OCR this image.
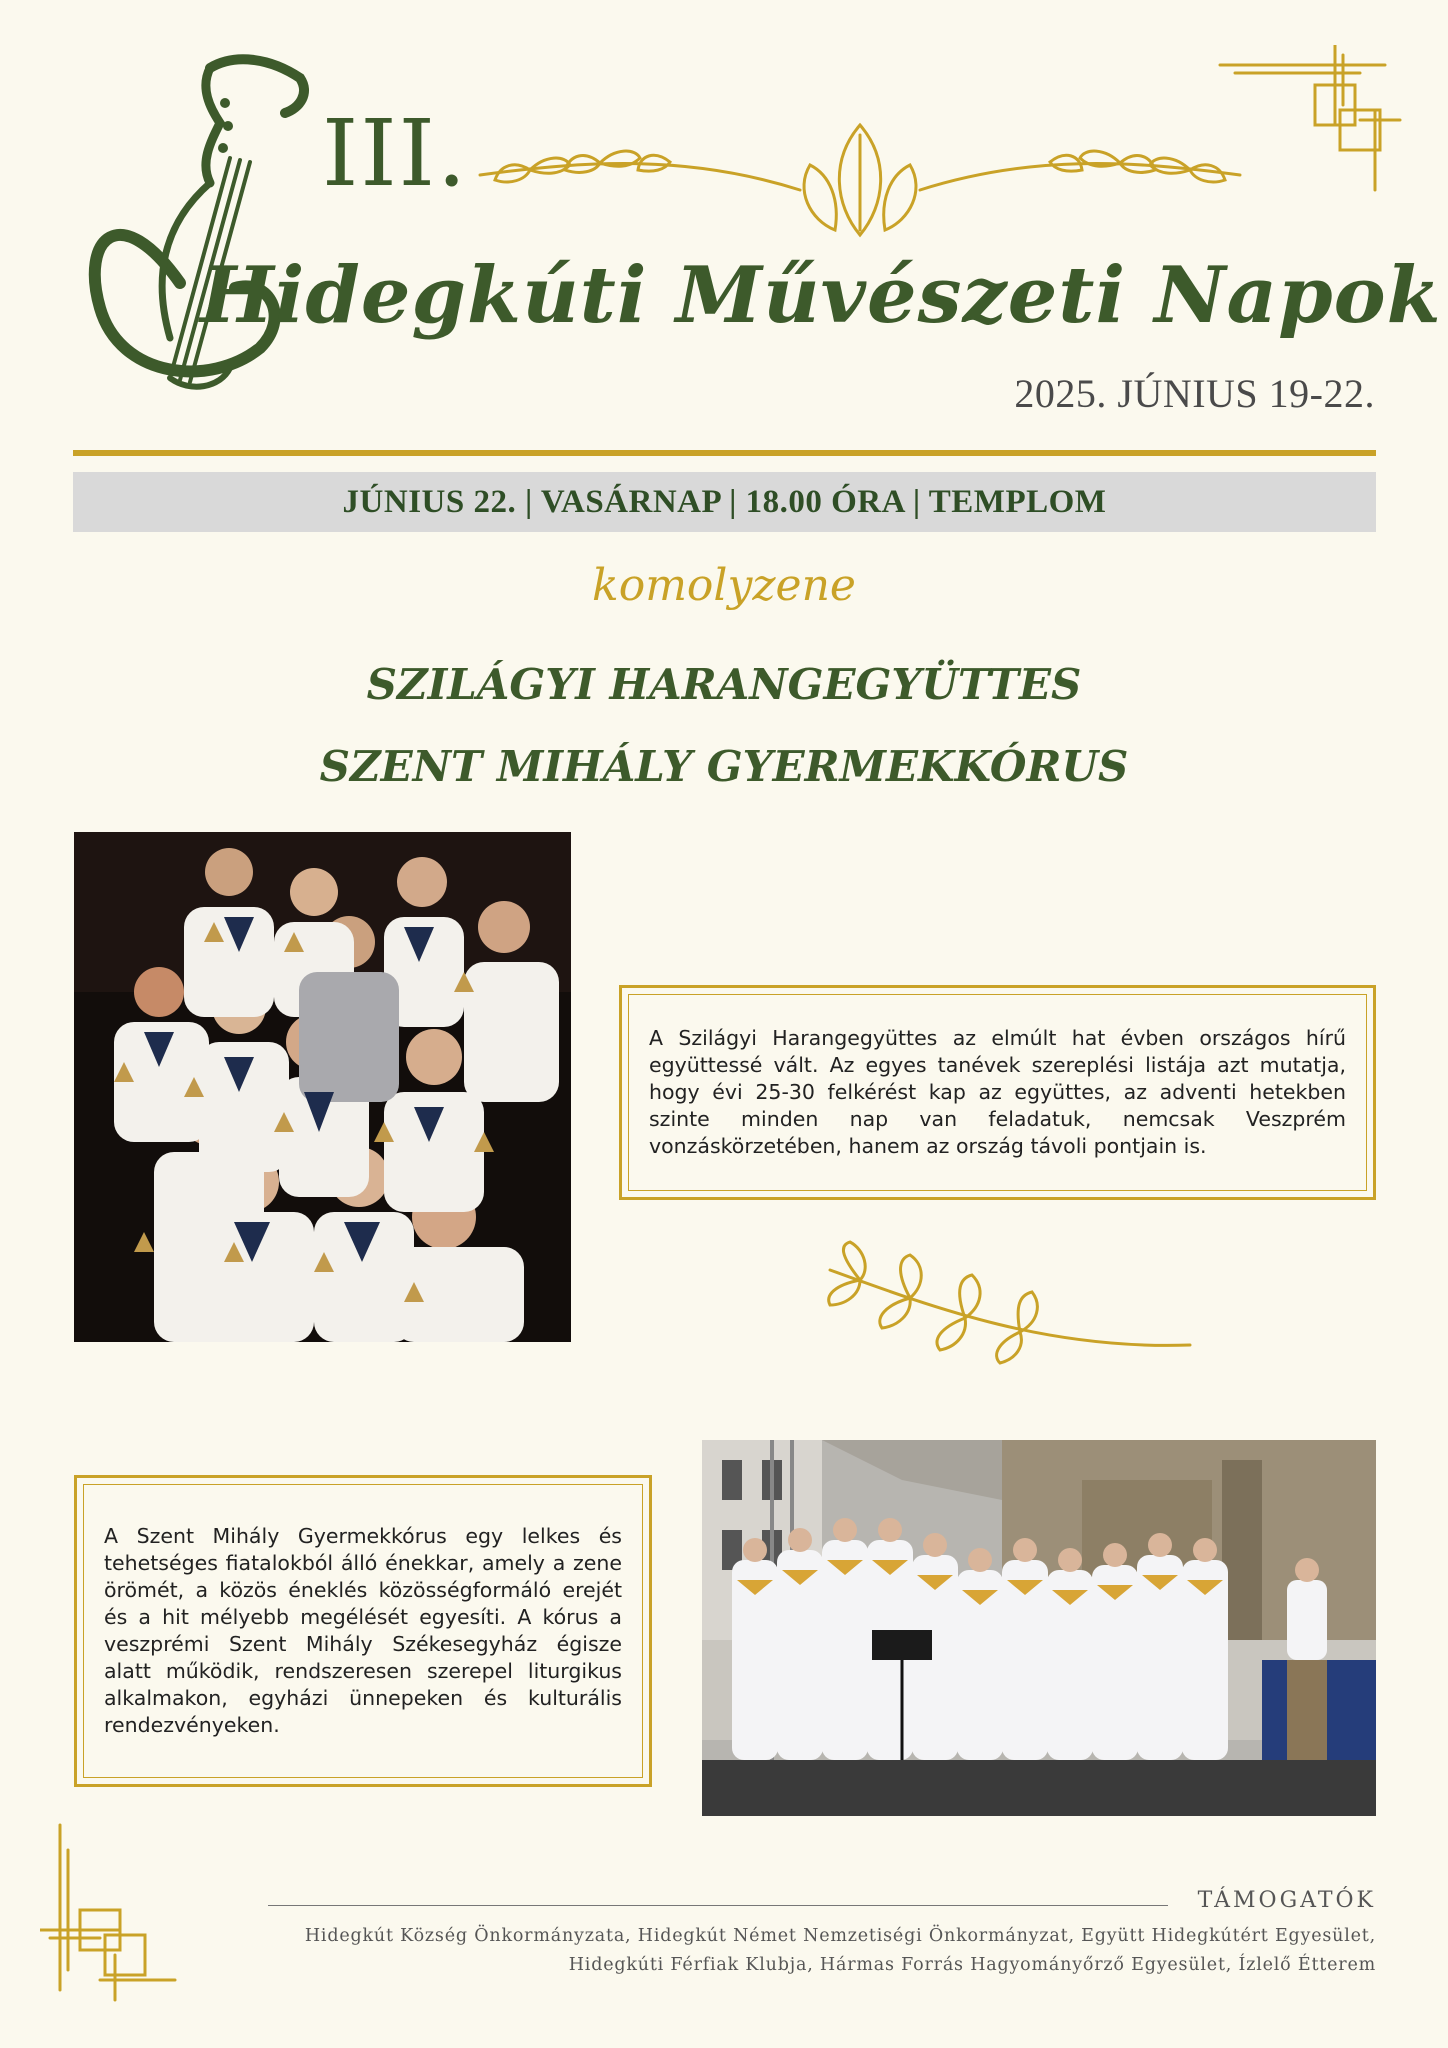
III.

Hidegkúti Művészeti Napok

2025. JÚNIUS 19-22.

JÚNIUS 22. | VASÁRNAP | 18.00 ÓRA | TEMPLOM

komolyzene

SZILÁGYI HARANGEGYÜTTES
SZENT MIHÁLY GYERMEKKÓRUS

A Szilágyi Harangegyüttes az elmúlt hat évben országos hírű együttessé vált. Az egyes tanévek szereplési listája azt mutatja, hogy évi 25-30 felkérést kap az együttes, az adventi hetekben szinte minden nap van feladatuk, nemcsak Veszprém vonzáskörzetében, hanem az ország távoli pontjain is.

A Szent Mihály Gyermekkórus egy lelkes és tehetséges fiatalokból álló énekkar, amely a zene örömét, a közös éneklés közösségformáló erejét és a hit mélyebb megélését egyesíti. A kórus a veszprémi Szent Mihály Székesegyház égisze alatt működik, rendszeresen szerepel liturgikus alkalmakon, egyházi ünnepeken és kulturális rendezvényeken.

TÁMOGATÓK

Hidegkút Község Önkormányzata, Hidegkút Német Nemzetiségi Önkormányzat, Együtt Hidegkútért Egyesület,

Hidegkúti Férfiak Klubja, Hármas Forrás Hagyományőrző Egyesület, Ízlelő Étterem
